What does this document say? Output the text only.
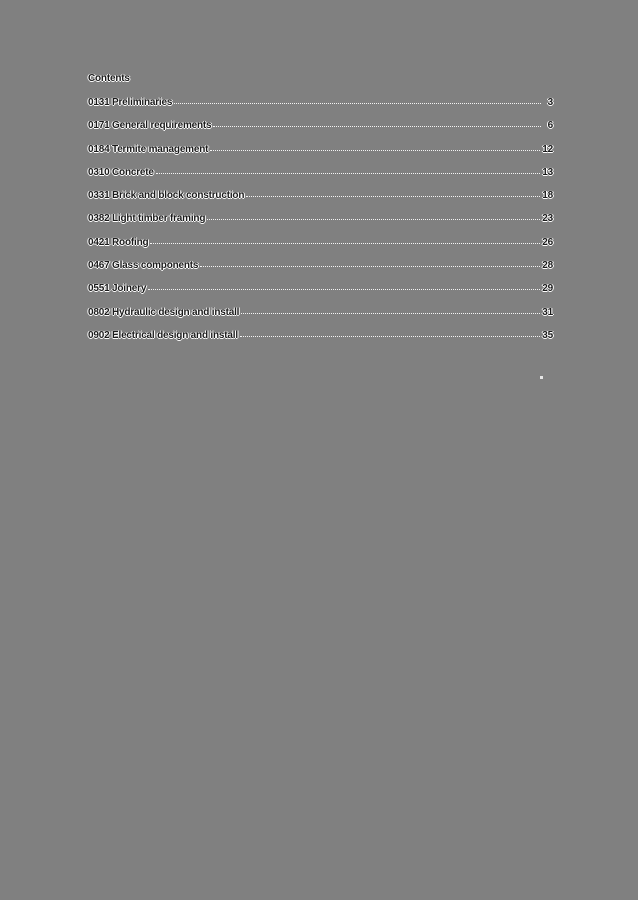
Contents
0131 Preliminaries	3
0171 General requirements	6
0184 Termite management	12
0310 Concrete	13
0331 Brick and block construction	18
0382 Light timber framing	23
0421 Roofing	26
0467 Glass components	28
0551 Joinery	29
0802 Hydraulic design and install	31
0902 Electrical design and install	35
